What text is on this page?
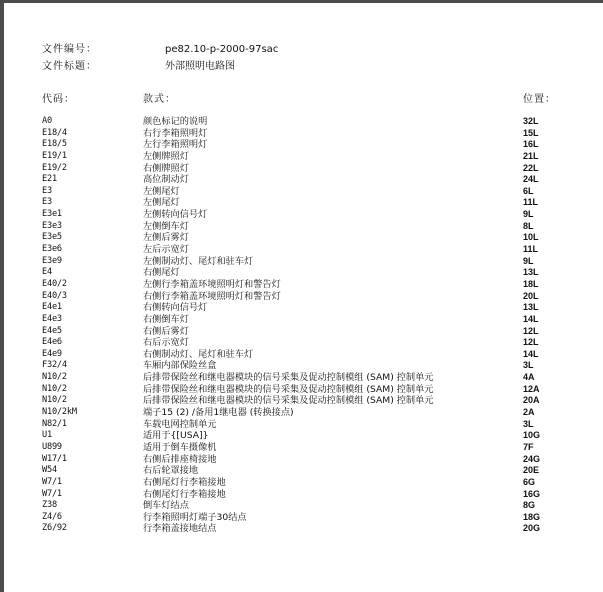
文件编号：	pe82.10-p-2000-97sac
文件标题：	外部照明电路图
代码：	款式：	位置：
A0	颜色标记的说明	32L
E18/4	右行李箱照明灯	15L
E18/5	左行李箱照明灯	16L
E19/1	左侧牌照灯	21L
E19/2	右侧牌照灯	22L
E21	高位制动灯	24L
E3	左侧尾灯	6L
E3	左侧尾灯	11L
E3e1	左侧转向信号灯	9L
E3e3	左侧倒车灯	8L
E3e5	左侧后雾灯	10L
E3e6	左后示宽灯	11L
E3e9	左侧制动灯、尾灯和驻车灯	9L
E4	右侧尾灯	13L
E40/2	左侧行李箱盖环境照明灯和警告灯	18L
E40/3	右侧行李箱盖环境照明灯和警告灯	20L
E4e1	右侧转向信号灯	13L
E4e3	右侧倒车灯	14L
E4e5	右侧后雾灯	12L
E4e6	右后示宽灯	12L
E4e9	右侧制动灯、尾灯和驻车灯	14L
F32/4	车厢内部保险丝盒	3L
N10/2	后排带保险丝和继电器模块的信号采集及促动控制模组 (SAM) 控制单元	4A
N10/2	后排带保险丝和继电器模块的信号采集及促动控制模组 (SAM) 控制单元	12A
N10/2	后排带保险丝和继电器模块的信号采集及促动控制模组 (SAM) 控制单元	20A
N10/2kM	端子15 (2) /备用1继电器 (转换接点)	2A
N82/1	车载电网控制单元	3L
U1	适用于{[USA]}	10G
U899	适用于倒车摄像机	7F
W17/1	右侧后排座椅接地	24G
W54	右后轮罩接地	20E
W7/1	右侧尾灯行李箱接地	6G
W7/1	右侧尾灯行李箱接地	16G
Z38	倒车灯结点	8G
Z4/6	行李箱照明灯端子30结点	18G
Z6/92	行李箱盖接地结点	20G
